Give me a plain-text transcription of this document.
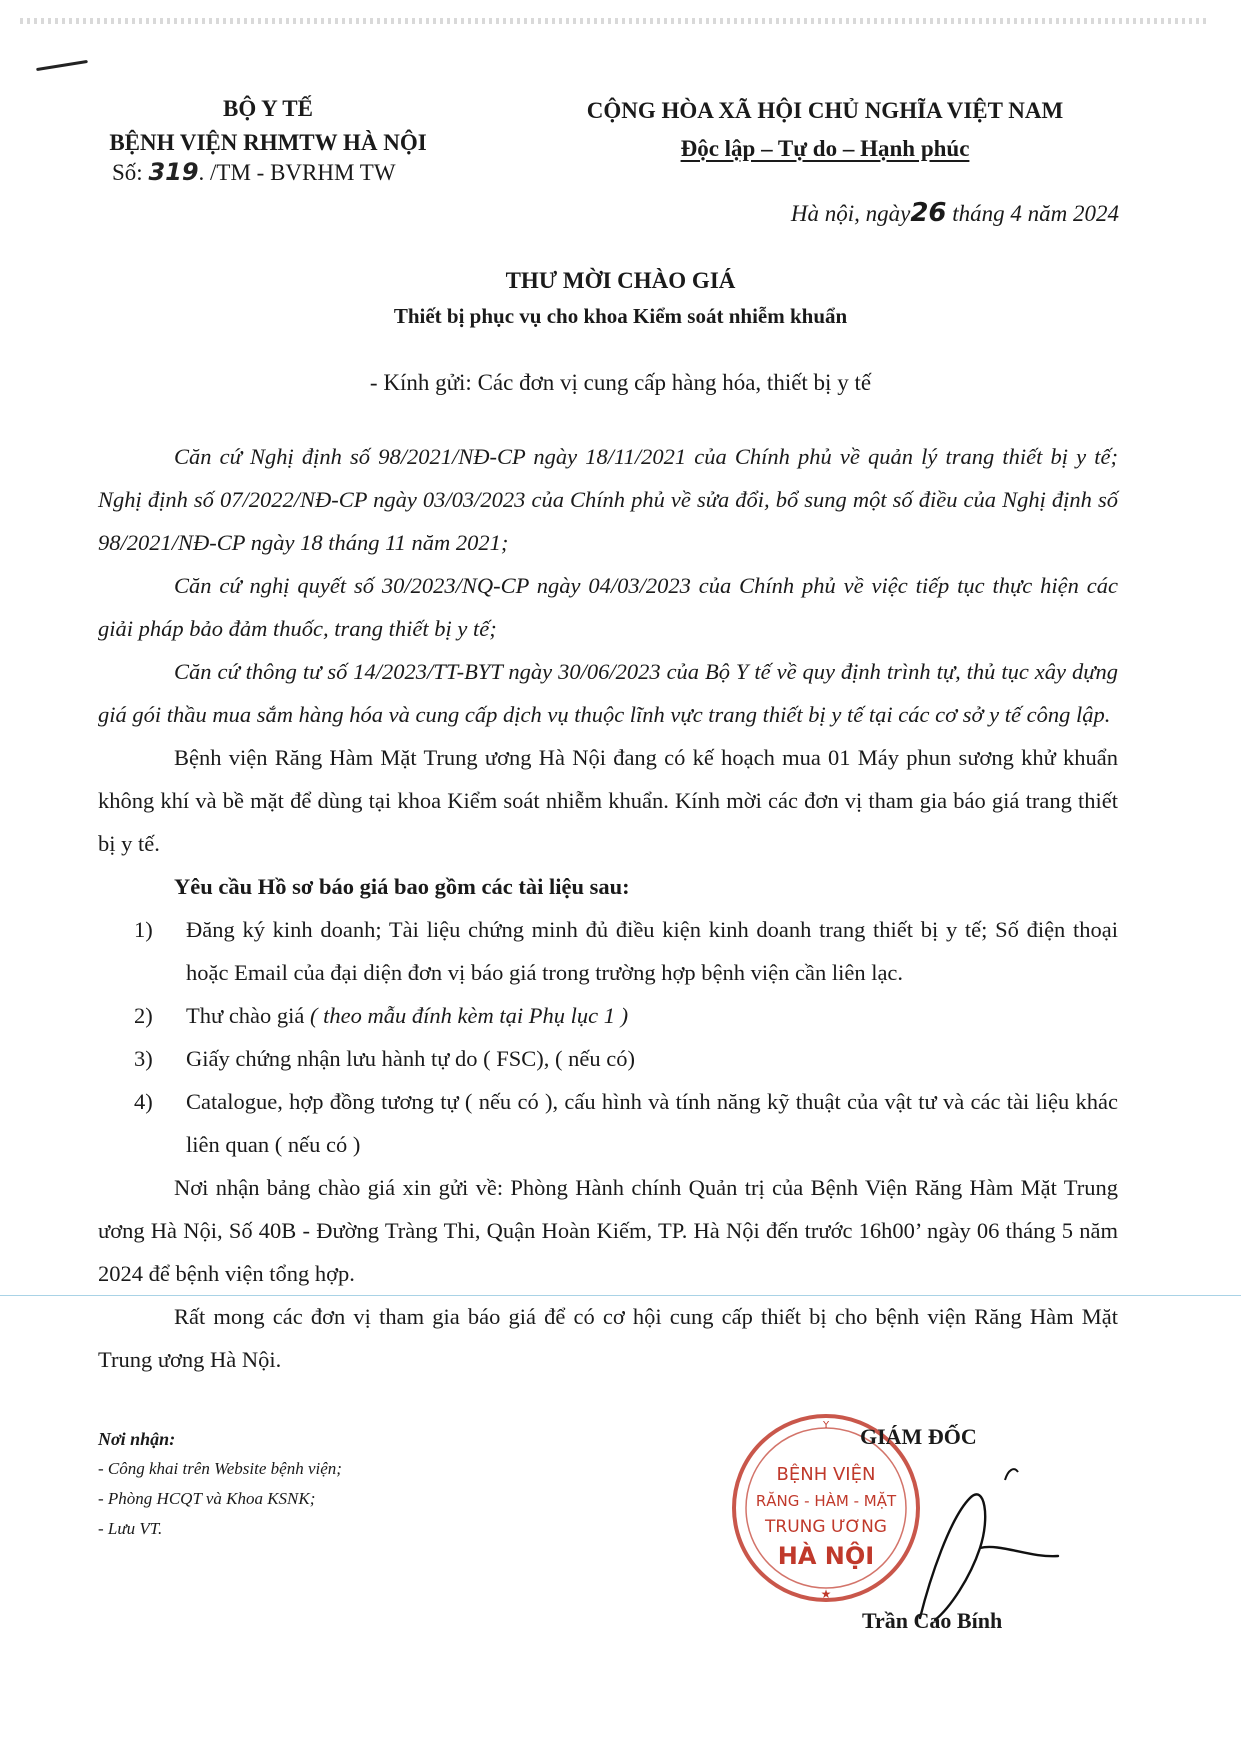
BỘ Y TẾ
BỆNH VIỆN RHMTW HÀ NỘI
Số: 319. /TM - BVRHM TW
CỘNG HÒA XÃ HỘI CHỦ NGHĨA VIỆT NAM
Độc lập – Tự do – Hạnh phúc
Hà nội, ngày26 tháng 4 năm 2024
THƯ MỜI CHÀO GIÁ
Thiết bị phục vụ cho khoa Kiểm soát nhiễm khuẩn
- Kính gửi: Các đơn vị cung cấp hàng hóa, thiết bị y tế

Căn cứ Nghị định số 98/2021/NĐ-CP ngày 18/11/2021 của Chính phủ về quản lý trang thiết bị y tế; Nghị định số 07/2022/NĐ-CP ngày 03/03/2023 của Chính phủ về sửa đổi, bổ sung một số điều của Nghị định số 98/2021/NĐ-CP ngày 18 tháng 11 năm 2021;

Căn cứ nghị quyết số 30/2023/NQ-CP ngày 04/03/2023 của Chính phủ về việc tiếp tục thực hiện các giải pháp bảo đảm thuốc, trang thiết bị y tế;

Căn cứ thông tư số 14/2023/TT-BYT ngày 30/06/2023 của Bộ Y tế về quy định trình tự, thủ tục xây dựng giá gói thầu mua sắm hàng hóa và cung cấp dịch vụ thuộc lĩnh vực trang thiết bị y tế tại các cơ sở y tế công lập.

Bệnh viện Răng Hàm Mặt Trung ương Hà Nội đang có kế hoạch mua 01 Máy phun sương khử khuẩn không khí và bề mặt để dùng tại khoa Kiểm soát nhiễm khuẩn. Kính mời các đơn vị tham gia báo giá trang thiết bị y tế.

Yêu cầu Hồ sơ báo giá bao gồm các tài liệu sau:

1)	Đăng ký kinh doanh; Tài liệu chứng minh đủ điều kiện kinh doanh trang thiết bị y tế; Số điện thoại hoặc Email của đại diện đơn vị báo giá trong trường hợp bệnh viện cần liên lạc.
2)	Thư chào giá ( theo mẫu đính kèm tại Phụ lục 1 )
3)	Giấy chứng nhận lưu hành tự do ( FSC), ( nếu có)
4)	Catalogue, hợp đồng tương tự ( nếu có ), cấu hình và tính năng kỹ thuật của vật tư và các tài liệu khác liên quan ( nếu có )

Nơi nhận bảng chào giá xin gửi về: Phòng Hành chính Quản trị của Bệnh Viện Răng Hàm Mặt Trung ương Hà Nội, Số 40B - Đường Tràng Thi, Quận Hoàn Kiếm, TP. Hà Nội đến trước 16h00’ ngày 06 tháng 5 năm 2024 để bệnh viện tổng hợp.

Rất mong các đơn vị tham gia báo giá để có cơ hội cung cấp thiết bị cho bệnh viện Răng Hàm Mặt Trung ương Hà Nội.

Nơi nhận:
- Công khai trên Website bệnh viện;
- Phòng HCQT và Khoa KSNK;
- Lưu VT.
Y
★
BỆNH VIỆN
RĂNG - HÀM - MẶT
TRUNG ƯƠNG
HÀ NỘI
GIÁM ĐỐC
Trần Cao Bính
